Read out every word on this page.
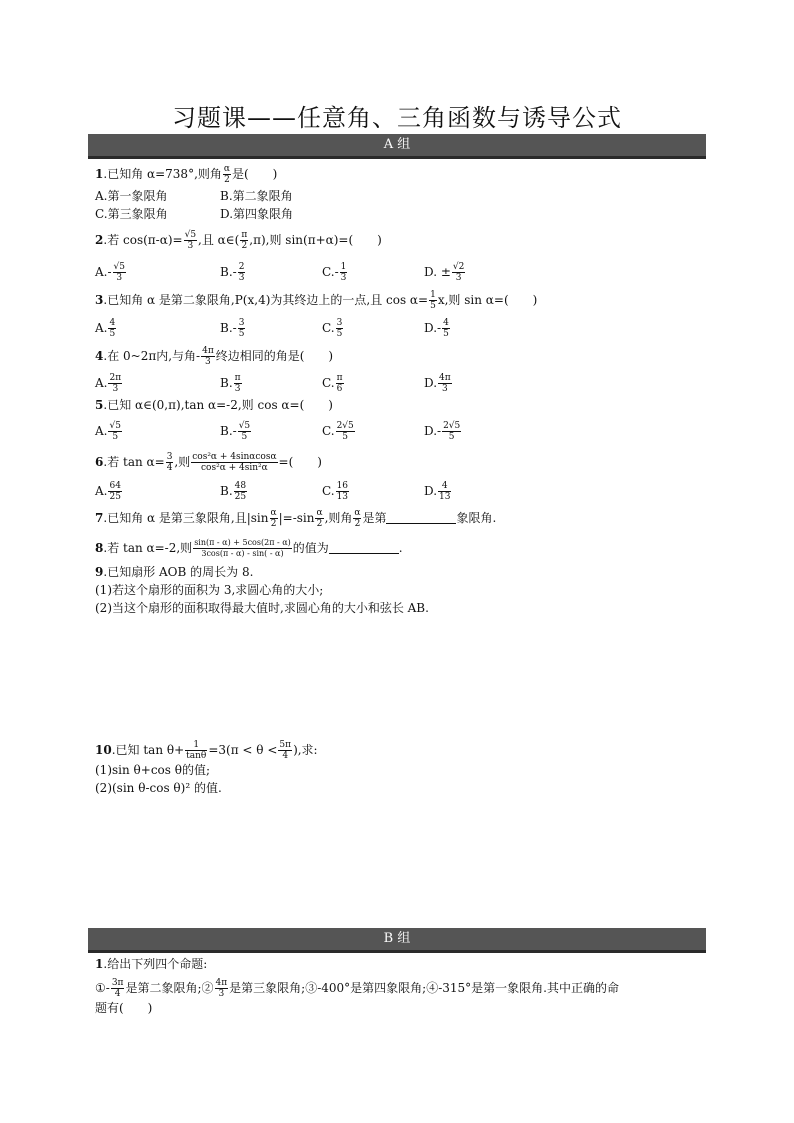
习题课——任意角、三角函数与诱导公式
A 组
1.已知角 α=738°,则角 $\frac{\alpha}{2}$ 是(　　)
A.第一象限角	B.第二象限角
C.第三象限角	D.第四象限角
2.若 $\cos(\pi-\alpha)= \frac{√5}{3}$ ,且 α∈( $\frac{\pi}{2} ,\pi$),则 sin(π+α)=(　　)
$A.- \frac{√5}{3}$	$B.- \frac{2}{3}$	$C.- \frac{1}{3}$	D. ± $\frac{√2}{3}$
3.已知角 α 是第二象限角,P(x,4)为其终边上的一点,且 $\cos \alpha= \frac{1}{5} x$,则 sin α=(　　)
A. $\frac{4}{5}$	$B.- \frac{3}{5}$	C. $\frac{3}{5}$	$D.- \frac{4}{5}$
4.在 0~2π内,与角- $\frac{4\pi}{3}$ 终边相同的角是(　　)
A. $\frac{2\pi}{3}$	B. $\frac{\pi}{3}$	C. $\frac{\pi}{6}$	D. $\frac{4\pi}{3}$
5.已知 α∈(0,π),tan α=-2,则 cos α=(　　)
A. $\frac{√5}{5}$	$B.- \frac{√5}{5}$	C. $\frac{2√5}{5}$	$D.- \frac{2√5}{5}$
6.若 $\tan \alpha= \frac{3}{4}$ ,则 $\frac{\text{cos²α + 4sinαcosα}}{\text{cos²α + 4sin²α}}$ =(　　)
A. $\frac{64}{25}$	B. $\frac{48}{25}$	C. $\frac{16}{13}$	D. $\frac{4}{13}$
7.已知角 α 是第三象限角,且$|\sin \frac{\alpha}{2} |=-\sin \frac{\alpha}{2}$ ,则角 $\frac{\alpha}{2}$ 是第	象限角.
8.若 tan α=-2,则 $\frac{\sin(\pi - \alpha) + 5\cos(2\pi - \alpha)}{3\cos(\pi - \alpha) - \sin( - \alpha)}$ 的值为	.
9.已知扇形 AOB 的周长为 8.
(1)若这个扇形的面积为 3,求圆心角的大小;
(2)当这个扇形的面积取得最大值时,求圆心角的大小和弦长 AB.
10.已知 $\tan \theta+ \frac{1}{\tan\theta} =3(\pi < \theta < \frac{5\pi}{4}$ ),求:
(1)sin θ+cos θ的值;
(2)(sin θ-cos θ)² 的值.
B 组
1.给出下列四个命题:
①- $\frac{3\pi}{4}$ 是第二象限角;② $\frac{4\pi}{3}$ 是第三象限角;③-400°是第四象限角;④-315°是第一象限角.其中正确的命
题有(　　)
